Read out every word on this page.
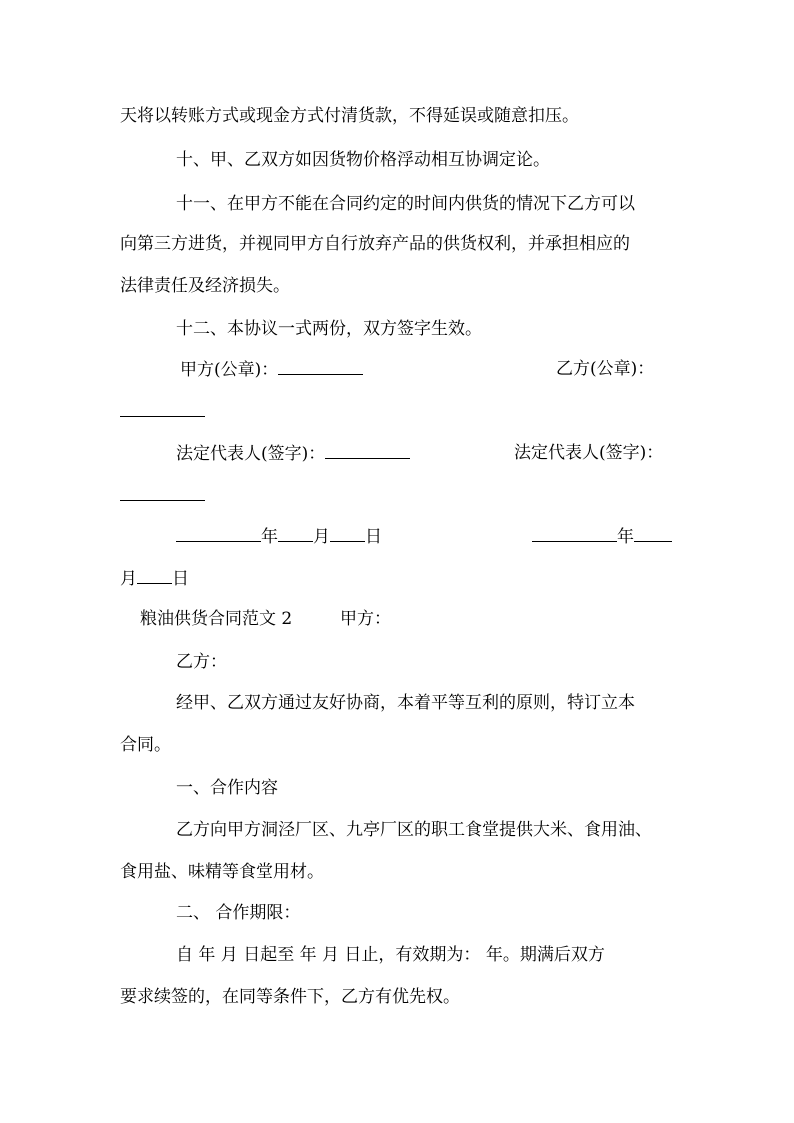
天将以转账方式或现金方式付清货款，不得延误或随意扣压。
十、甲、乙双方如因货物价格浮动相互协调定论。
十一、在甲方不能在合同约定的时间内供货的情况下乙方可以
向第三方进货，并视同甲方自行放弃产品的供货权利，并承担相应的
法律责任及经济损失。
十二、本协议一式两份，双方签字生效。
甲方(公章)：	乙方(公章)：
法定代表人(签字)：	法定代表人(签字)：
年 月 日	年
月 日
粮油供货合同范文 2	甲方：
乙方：
经甲、乙双方通过友好协商，本着平等互利的原则，特订立本
合同。
一、合作内容
乙方向甲方洞泾厂区、九亭厂区的职工食堂提供大米、食用油、
食用盐、味精等食堂用材。
二、 合作期限：
自 年 月 日起至 年 月 日止，有效期为： 年。期满后双方
要求续签的，在同等条件下，乙方有优先权。
